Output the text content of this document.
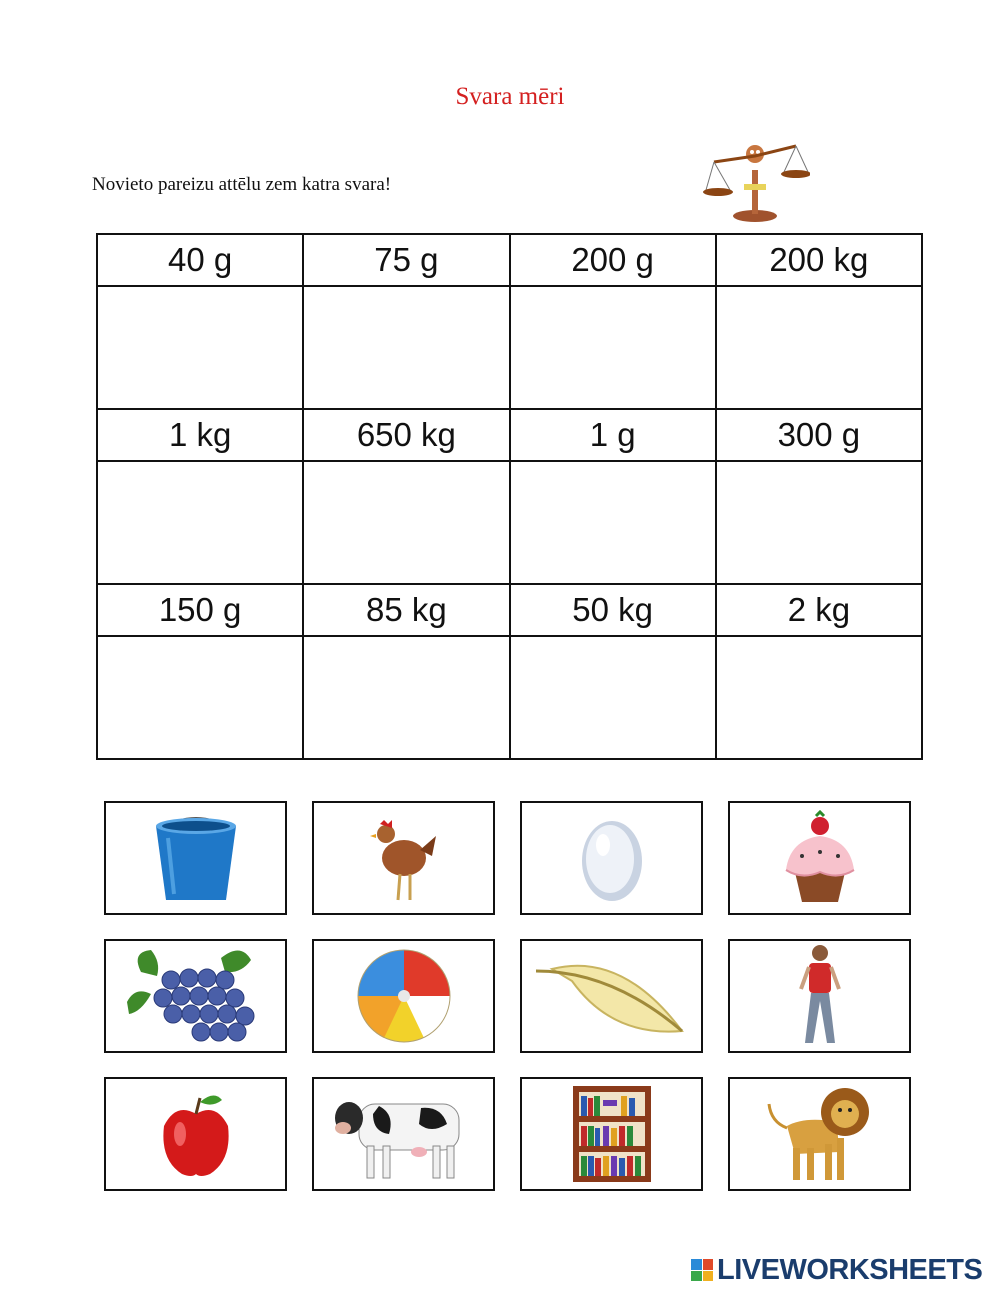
Svara mēri
Novieto pareizu attēlu zem katra svara!
40 g	75 g	200 g	200 kg

1 kg	650 kg	1 g	300 g

150 g	85 kg	50 kg	2 kg

LIVEWORKSHEETS
